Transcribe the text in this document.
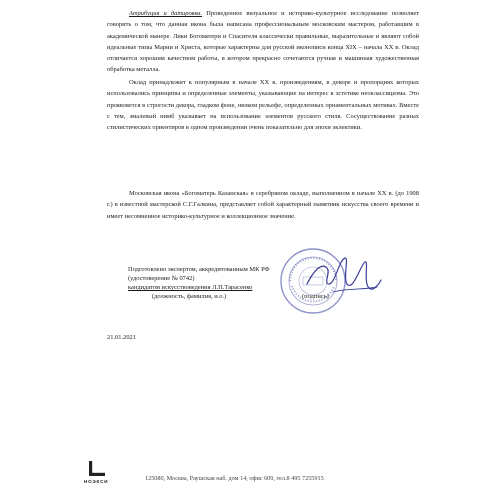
Атрибуция и датировка. Проведенное визуальное и историко-культурное исследование позволяет говорить о том, что данная икона была написана профессиональным московским мастером, работавшим в академической манере. Лики Богоматери и Спасителя классически правильные, выразительные и являют собой идеальные типы Марии и Христа, которые характерны для русской иконописи конца XIX – начала XX в. Оклад отличается хорошим качеством работы, в котором прекрасно сочетаются ручная и машинная художественная обработка металла.

Оклад принадлежит к популярным в начале XX в. произведениям, в декоре и пропорциях которых использовались принципы и определенные элементы, указывающие на интерес к эстетике неоклассицизма. Это проявляется в строгости декора, гладком фоне, низком рельефе, определенных орнаментальных мотивах. Вместе с тем, эмалевый нимб указывает на использование элементов русского стиля. Сосуществование разных стилистических ориентиров в одном произведении очень показательно для эпохи эклектики.

Московская икона «Богоматерь Казанская» в серебряном окладе, выполненном в начале XX в. (до 1908 г.) в известной мастерской С.Г.Галкина, представляет собой характерный памятник искусства своего времени и имеет несомненное историко-культурное и коллекционное значение.

Подготовлено экспертом, аккредитованным МК РФ
(удостоверение № 0742)
кандидатом искусствоведения Л.П.Тарасенко
(должность, фамилия, и.о.)	(подпись)
21.01.2021
НОЭКСИ	125080, Москва, Раушская наб. дом 14, офис 609, тел.8 495 7255915
